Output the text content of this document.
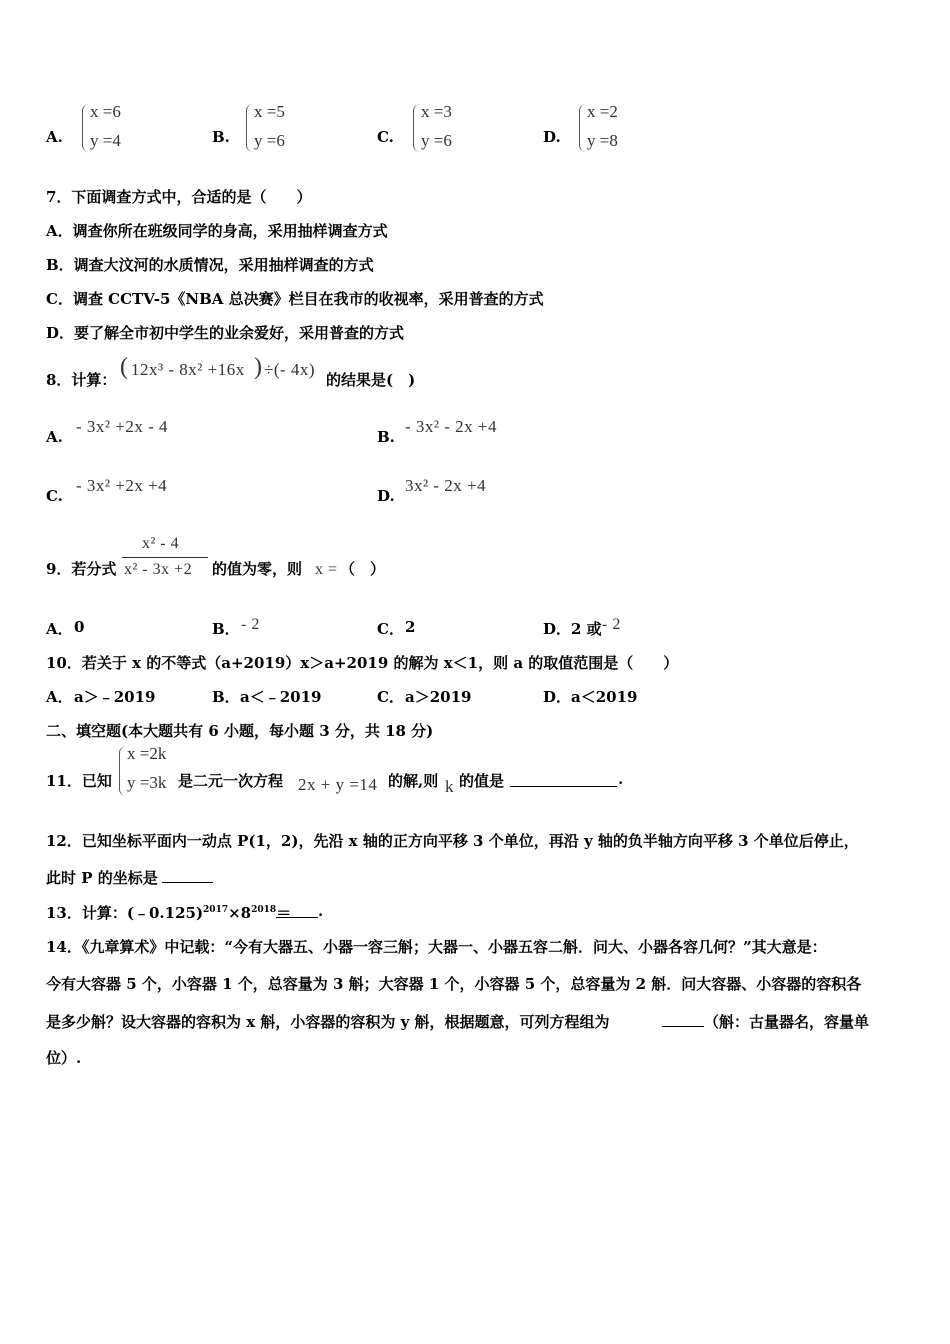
A.
x =6
y =4	B.
x =5
y =6	C.
x =3
y =6	D.
x =2
y =8
7．下面调查方式中，合适的是（　　）
A．调查你所在班级同学的身高，采用抽样调查方式
B．调查大汶河的水质情况，采用抽样调查的方式
C．调查 CCTV-5《NBA 总决赛》栏目在我市的收视率，采用普查的方式
D．要了解全市初中学生的业余爱好，采用普查的方式
8．计算： ( 12x³ - 8x² +16x ) ÷(- 4x)
的结果是(　)
A.
- 3x² +2x - 4
B.
- 3x² - 2x +4
C.
- 3x² +2x +4
D.
3x² - 2x +4
9．若分式
x² - 4
x² - 3x +2 的值为零，则 x = （　）
A． 0	B． - 2	C． 2	D． 2 或 - 2
10．若关于 x 的不等式（a+2019）x＞a+2019 的解为 x＜1，则 a 的取值范围是（　　）
A． a＞﹣2019	B． a＜﹣2019	C． a＞2019	D． a＜2019
二、填空题(本大题共有 6 小题，每小题 3 分，共 18 分)
11．已知
x =2k
y =3k 是二元一次方程 2x + y =14 的解,则 k 的值是	.
12．已知坐标平面内一动点 P(1，2)，先沿 x 轴的正方向平移 3 个单位，再沿 y 轴的负半轴方向平移 3 个单位后停止，
此时 P 的坐标是
13．计算：$(﹣0.125)^{2017}\times 8^{2018}=$ .
14．《九章算术》中记载：“今有大器五、小器一容三斛；大器一、小器五容二斛．问大、小器各容几何？”其大意是：
今有大容器 5 个，小容器 1 个，总容量为 3 斛；大容器 1 个，小容器 5 个，总容量为 2 斛．问大容器、小容器的容积各
是多少斛？设大容器的容积为 x 斛，小容器的容积为 y 斛，根据题意，可列方程组为	（斛：古量器名，容量单
位）.
